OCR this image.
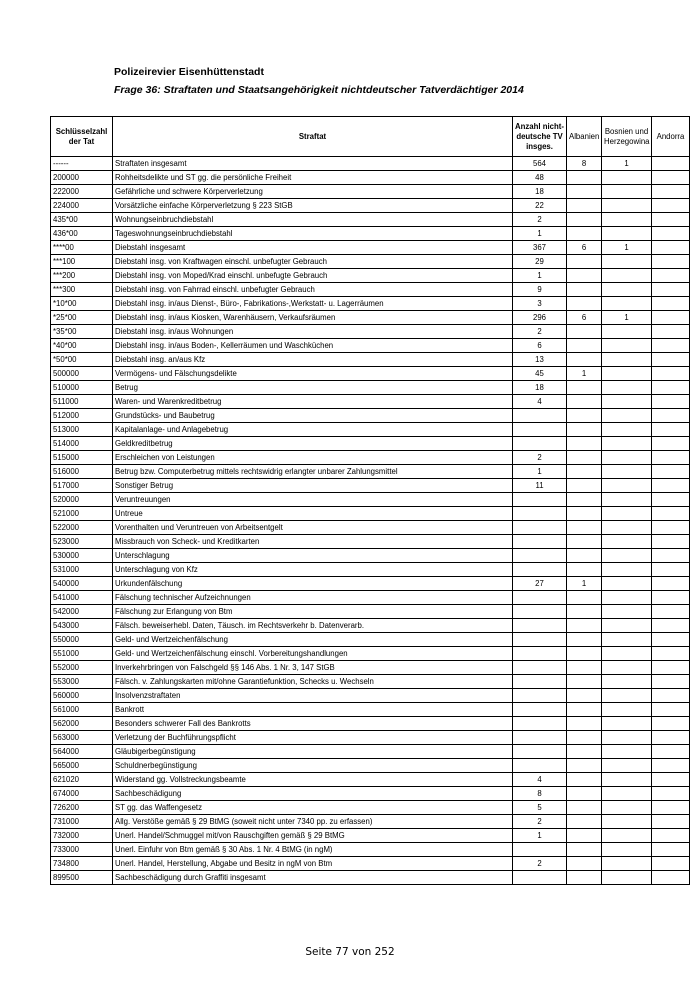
Polizeirevier Eisenhüttenstadt
Frage 36: Straftaten und Staatsangehörigkeit nichtdeutscher Tatverdächtiger 2014
Schlüsselzahl der Tat	Straftat	Anzahl nicht-deutsche TV insges.	Albanien	Bosnien und Herzegowina	Andorra
------	Straftaten insgesamt	564	8	1	
200000	Rohheitsdelikte und ST gg. die persönliche Freiheit	48			
222000	Gefährliche und schwere Körperverletzung	18			
224000	Vorsätzliche einfache Körperverletzung § 223 StGB	22			
435*00	Wohnungseinbruchdiebstahl	2			
436*00	Tageswohnungseinbruchdiebstahl	1			
****00	Diebstahl insgesamt	367	6	1	
***100	Diebstahl insg. von Kraftwagen einschl. unbefugter Gebrauch	29			
***200	Diebstahl insg. von Moped/Krad einschl. unbefugte Gebrauch	1			
***300	Diebstahl insg. von Fahrrad einschl. unbefugter Gebrauch	9			
*10*00	Diebstahl insg. in/aus Dienst-, Büro-, Fabrikations-,Werkstatt- u. Lagerräumen	3			
*25*00	Diebstahl insg. in/aus Kiosken, Warenhäusern, Verkaufsräumen	296	6	1	
*35*00	Diebstahl insg. in/aus Wohnungen	2			
*40*00	Diebstahl insg. in/aus Boden-, Kellerräumen und Waschküchen	6			
*50*00	Diebstahl insg. an/aus Kfz	13			
500000	Vermögens- und Fälschungsdelikte	45	1		
510000	Betrug	18			
511000	Waren- und Warenkreditbetrug	4			
512000	Grundstücks- und Baubetrug				
513000	Kapitalanlage- und Anlagebetrug				
514000	Geldkreditbetrug				
515000	Erschleichen von Leistungen	2			
516000	Betrug bzw. Computerbetrug mittels rechtswidrig erlangter unbarer Zahlungsmittel	1			
517000	Sonstiger Betrug	11			
520000	Veruntreuungen				
521000	Untreue				
522000	Vorenthalten und Veruntreuen von Arbeitsentgelt				
523000	Missbrauch von Scheck- und Kreditkarten				
530000	Unterschlagung				
531000	Unterschlagung von Kfz				
540000	Urkundenfälschung	27	1		
541000	Fälschung technischer Aufzeichnungen				
542000	Fälschung zur Erlangung von Btm				
543000	Fälsch. beweiserhebl. Daten, Täusch. im Rechtsverkehr b. Datenverarb.				
550000	Geld- und Wertzeichenfälschung				
551000	Geld- und Wertzeichenfälschung einschl. Vorbereitungshandlungen				
552000	Inverkehrbringen von Falschgeld §§ 146 Abs. 1 Nr. 3, 147 StGB				
553000	Fälsch. v. Zahlungskarten mit/ohne Garantiefunktion, Schecks u. Wechseln				
560000	Insolvenzstraftaten				
561000	Bankrott				
562000	Besonders schwerer Fall des Bankrotts				
563000	Verletzung der Buchführungspflicht				
564000	Gläubigerbegünstigung				
565000	Schuldnerbegünstigung				
621020	Widerstand gg. Vollstreckungsbeamte	4			
674000	Sachbeschädigung	8			
726200	ST gg. das Waffengesetz	5			
731000	Allg. Verstöße gemäß § 29 BtMG (soweit nicht unter 7340 pp. zu erfassen)	2			
732000	Unerl. Handel/Schmuggel mit/von Rauschgiften gemäß § 29 BtMG	1			
733000	Unerl. Einfuhr von Btm gemäß § 30 Abs. 1 Nr. 4 BtMG (in ngM)				
734800	Unerl. Handel, Herstellung, Abgabe und Besitz in ngM von Btm	2			
899500	Sachbeschädigung durch Graffiti insgesamt				
Seite 77 von 252
